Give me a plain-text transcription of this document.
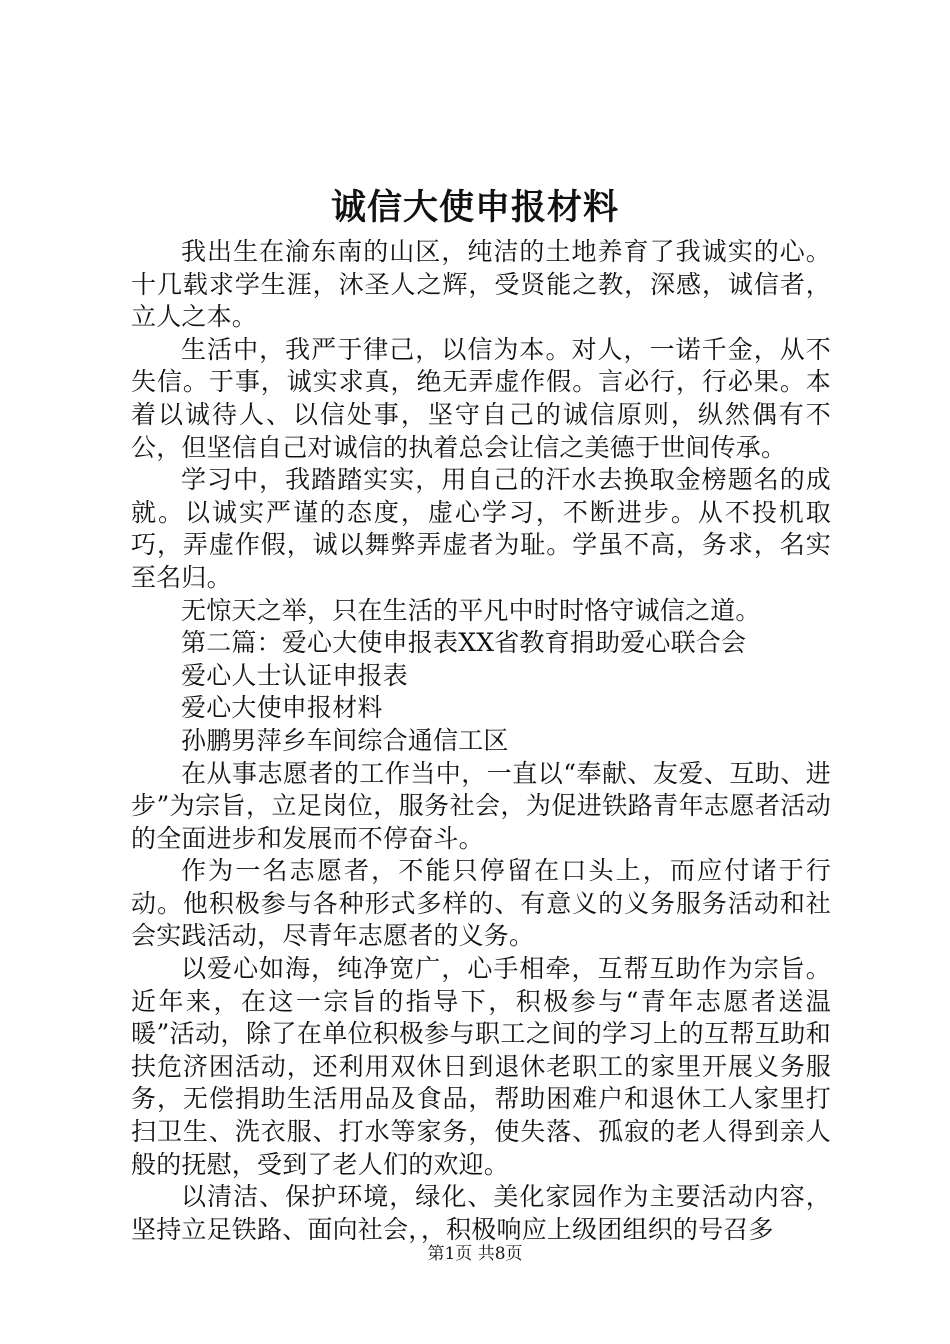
诚信大使申报材料

我出生在渝东南的山区，纯洁的土地养育了我诚实的心。十几载求学生涯，沐圣人之辉，受贤能之教，深感，诚信者，立人之本。

生活中，我严于律己，以信为本。对人，一诺千金，从不失信。于事，诚实求真，绝无弄虚作假。言必行，行必果。本着以诚待人、以信处事，坚守自己的诚信原则，纵然偶有不公，但坚信自己对诚信的执着总会让信之美德于世间传承。

学习中，我踏踏实实，用自己的汗水去换取金榜题名的成就。以诚实严谨的态度，虚心学习，不断进步。从不投机取巧，弄虚作假，诚以舞弊弄虚者为耻。学虽不高，务求，名实至名归。

无惊天之举，只在生活的平凡中时时恪守诚信之道。

第二篇：爱心大使申报表XX省教育捐助爱心联合会

爱心人士认证申报表

爱心大使申报材料

孙鹏男萍乡车间综合通信工区

在从事志愿者的工作当中，一直以“奉献、友爱、互助、进步”为宗旨，立足岗位，服务社会，为促进铁路青年志愿者活动的全面进步和发展而不停奋斗。

作为一名志愿者，不能只停留在口头上，而应付诸于行动。他积极参与各种形式多样的、有意义的义务服务活动和社会实践活动，尽青年志愿者的义务。

以爱心如海，纯净宽广，心手相牵，互帮互助作为宗旨。近年来，在这一宗旨的指导下，积极参与“青年志愿者送温暖”活动，除了在单位积极参与职工之间的学习上的互帮互助和扶危济困活动，还利用双休日到退休老职工的家里开展义务服务，无偿捐助生活用品及食品，帮助困难户和退休工人家里打扫卫生、洗衣服、打水等家务，使失落、孤寂的老人得到亲人般的抚慰，受到了老人们的欢迎。

以清洁、保护环境，绿化、美化家园作为主要活动内容，坚持立足铁路、面向社会，，积极响应上级团组织的号召多

第1页 共8页
